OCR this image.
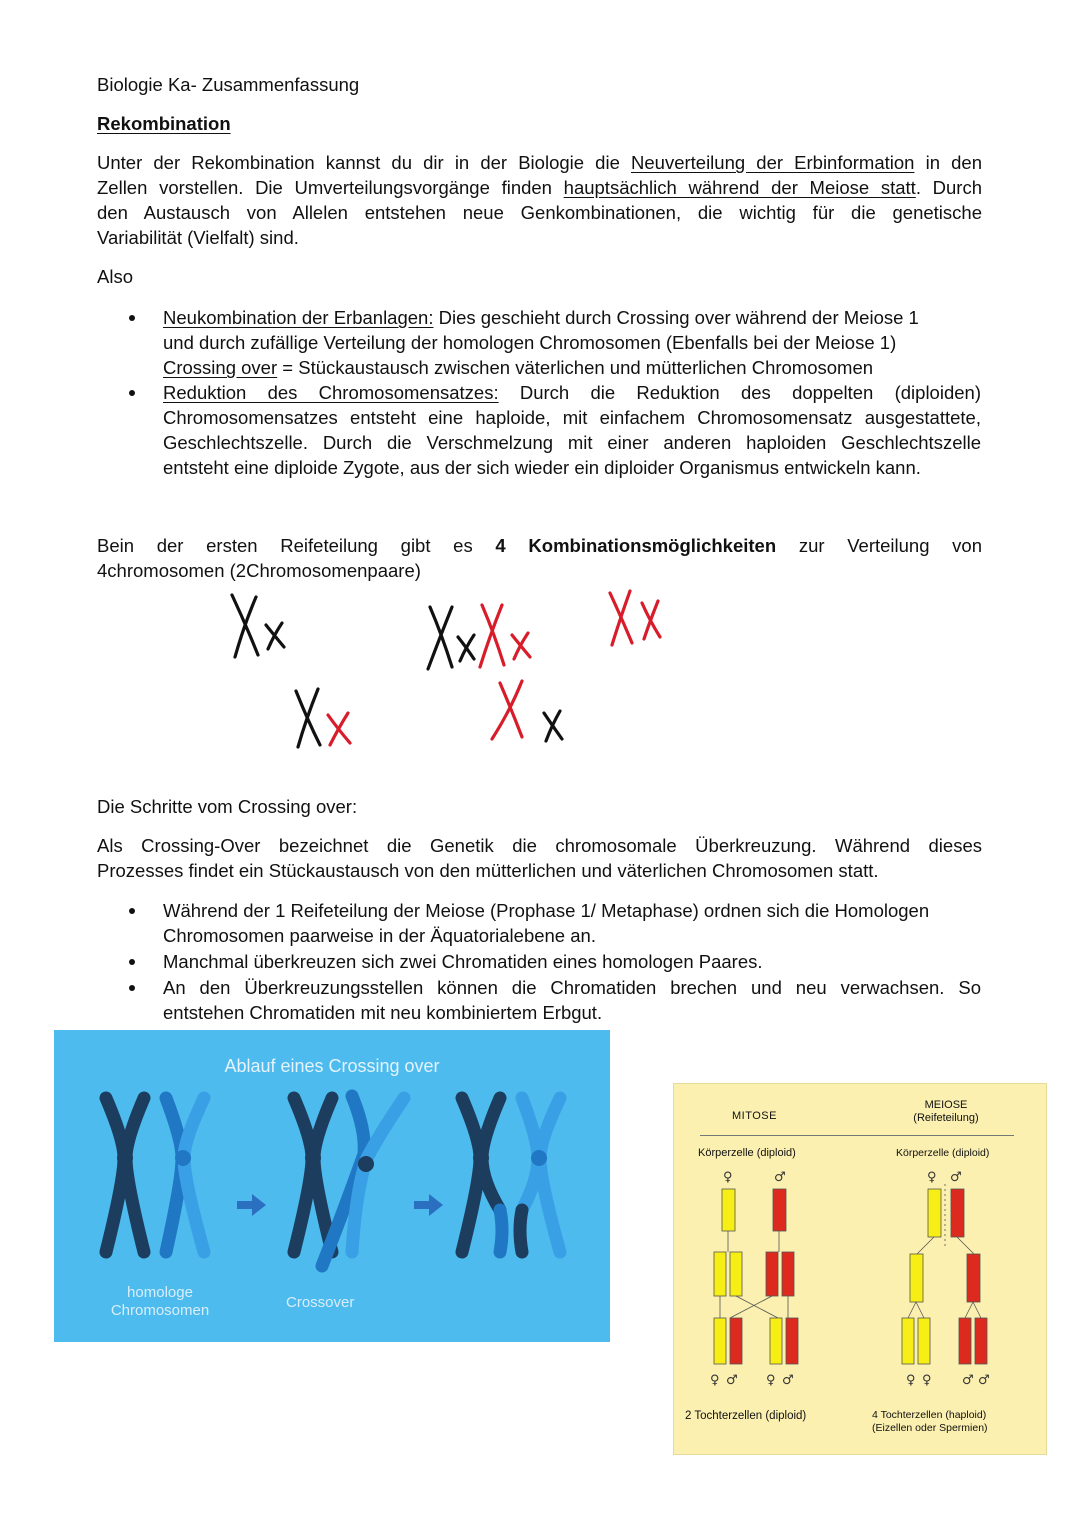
Biologie Ka- Zusammenfassung

Rekombination

Unter der Rekombination kannst du dir in der Biologie die Neuverteilung der Erbinformation in den

Zellen vorstellen. Die Umverteilungsvorgänge finden hauptsächlich während der Meiose statt. Durch

den Austausch von Allelen entstehen neue Genkombinationen, die wichtig für die genetische

Variabilität (Vielfalt) sind.

Also

Neukombination der Erbanlagen: Dies geschieht durch Crossing over während der Meiose 1

und durch zufällige Verteilung der homologen Chromosomen (Ebenfalls bei der Meiose 1)

Crossing over = Stückaustausch zwischen väterlichen und mütterlichen Chromosomen

Reduktion des Chromosomensatzes: Durch die Reduktion des doppelten (diploiden)

Chromosomensatzes entsteht eine haploide, mit einfachem Chromosomensatz ausgestattete,

Geschlechtszelle. Durch die Verschmelzung mit einer anderen haploiden Geschlechtszelle

entsteht eine diploide Zygote, aus der sich wieder ein diploider Organismus entwickeln kann.

Bein der ersten Reifeteilung gibt es 4 Kombinationsmöglichkeiten zur Verteilung von

4chromosomen (2Chromosomenpaare)

Die Schritte vom Crossing over:

Als Crossing-Over bezeichnet die Genetik die chromosomale Überkreuzung. Während dieses

Prozesses findet ein Stückaustausch von den mütterlichen und väterlichen Chromosomen statt.

Während der 1 Reifeteilung der Meiose (Prophase 1/ Metaphase) ordnen sich die Homologen

Chromosomen paarweise in der Äquatorialebene an.

Manchmal überkreuzen sich zwei Chromatiden eines homologen Paares.

An den Überkreuzungsstellen können die Chromatiden brechen und neu verwachsen. So

entstehen Chromatiden mit neu kombiniertem Erbgut.

Ablauf eines Crossing over
homologe
Chromosomen	Crossover
MITOSE
MEIOSE
(Reifeteilung)
Körperzelle (diploid)	Körperzelle (diploid)
♀	♂	♀ ♂
♀ ♂ ♀ ♂	♀ ♀ ♂ ♂
2 Tochterzellen (diploid)	4 Tochterzellen (haploid)
(Eizellen oder Spermien)
